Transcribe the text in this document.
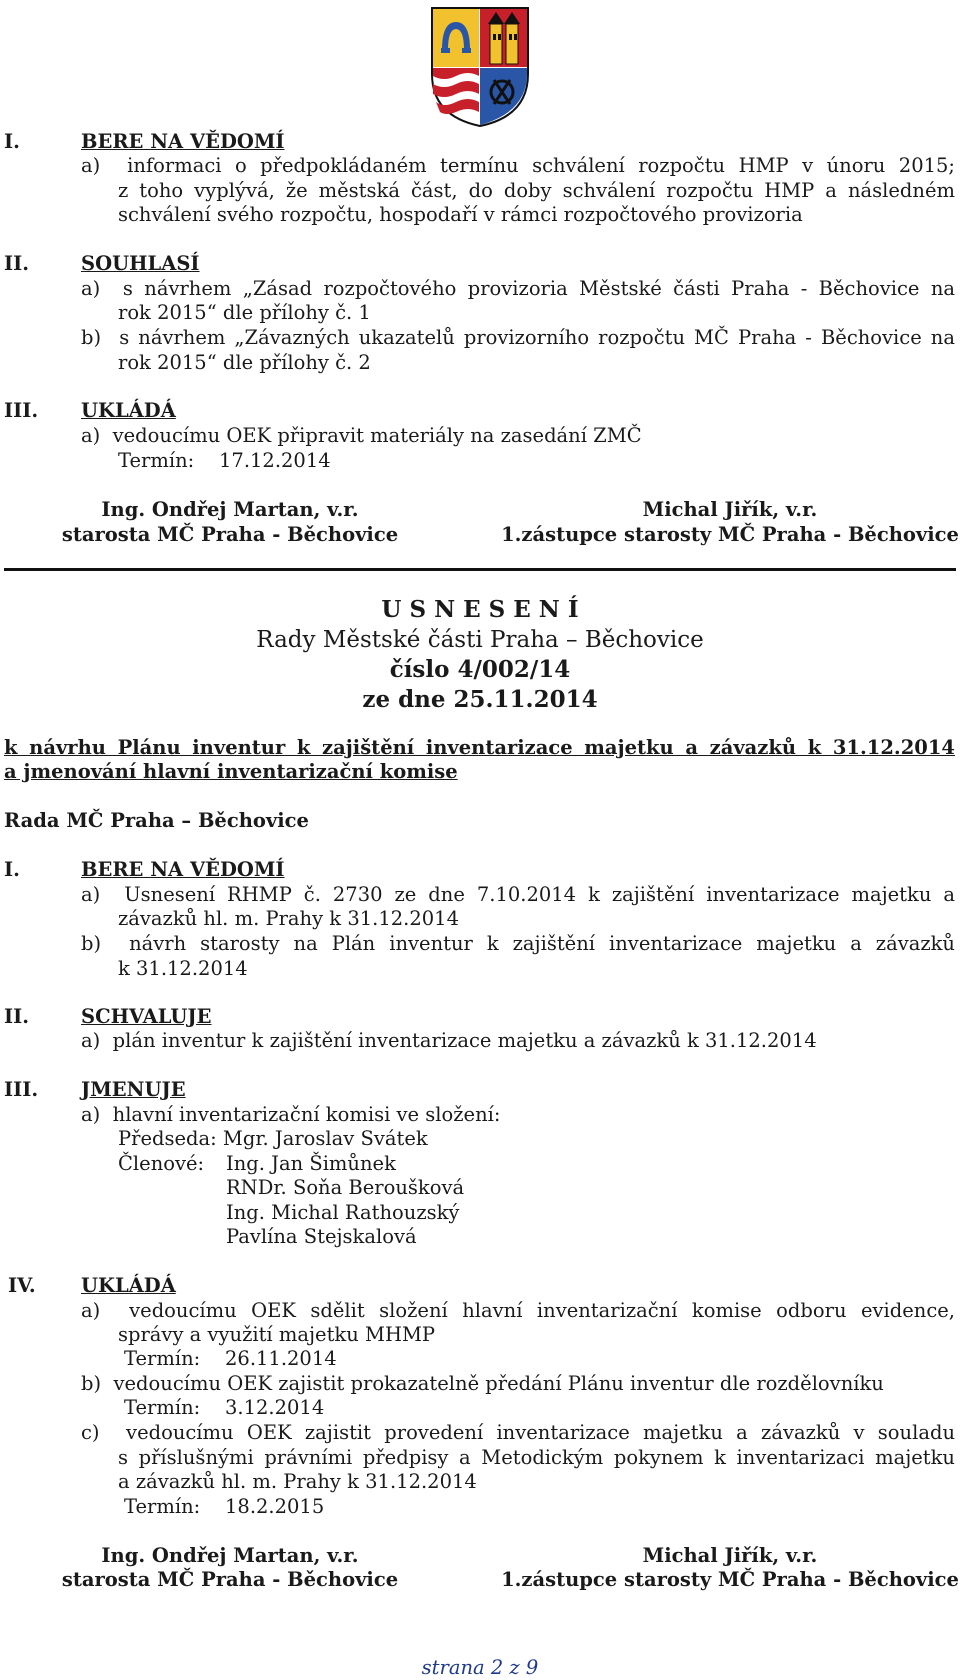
I.	BERE NA VĚDOMÍ
a)  informaci o předpokládaném termínu schválení rozpočtu HMP v únoru 2015;
z toho vyplývá, že městská část, do doby schválení rozpočtu HMP a následném
schválení svého rozpočtu, hospodaří v rámci rozpočtového provizoria
II.	SOUHLASÍ
a)  s návrhem „Zásad rozpočtového provizoria Městské části Praha - Běchovice na
rok 2015“ dle přílohy č. 1
b)  s návrhem „Závazných ukazatelů provizorního rozpočtu MČ Praha - Běchovice na
rok 2015“ dle přílohy č. 2
III. UKLÁDÁ
a)  vedoucímu OEK připravit materiály na zasedání ZMČ
Termín:    17.12.2014
Ing. Ondřej Martan, v.r.
starosta MČ Praha - Běchovice
Michal Jiřík, v.r.
1.zástupce starosty MČ Praha - Běchovice
U S N E S E N Í
Rady Městské části Praha – Běchovice
číslo 4/002/14
ze dne 25.11.2014
k návrhu Plánu inventur k zajištění inventarizace majetku a závazků k 31.12.2014
a jmenování hlavní inventarizační komise
Rada MČ Praha – Běchovice
I.	BERE NA VĚDOMÍ
a)  Usnesení RHMP č. 2730 ze dne 7.10.2014 k zajištění inventarizace majetku a
závazků hl. m. Prahy k 31.12.2014
b)  návrh starosty na Plán inventur k zajištění inventarizace majetku a závazků
k 31.12.2014
II.	SCHVALUJE
a)  plán inventur k zajištění inventarizace majetku a závazků k 31.12.2014
III. JMENUJE
a)  hlavní inventarizační komisi ve složení:
Předseda: Mgr. Jaroslav Svátek
Členové: Ing. Jan Šimůnek
RNDr. Soňa Beroušková
Ing. Michal Rathouzský
Pavlína Stejskalová
IV. UKLÁDÁ
a)  vedoucímu OEK sdělit složení hlavní inventarizační komise odboru evidence,
správy a využití majetku MHMP
Termín:    26.11.2014
b)  vedoucímu OEK zajistit prokazatelně předání Plánu inventur dle rozdělovníku
Termín:    3.12.2014
c)  vedoucímu OEK zajistit provedení inventarizace majetku a závazků v souladu
s příslušnými právními předpisy a Metodickým pokynem k inventarizaci majetku
a závazků hl. m. Prahy k 31.12.2014
Termín:    18.2.2015
Ing. Ondřej Martan, v.r.
starosta MČ Praha - Běchovice
Michal Jiřík, v.r.
1.zástupce starosty MČ Praha - Běchovice
strana 2 z 9
